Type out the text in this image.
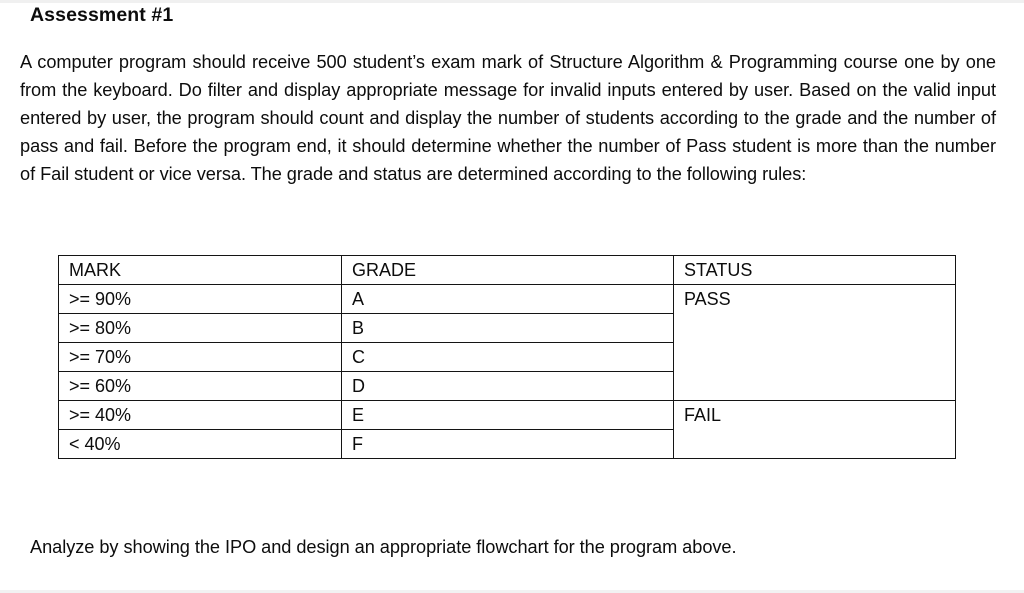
Assessment #1

A computer program should receive 500 student’s exam mark of Structure Algorithm & Programming course one by one from the keyboard. Do filter and display appropriate message for invalid inputs entered by user. Based on the valid input entered by user, the program should count and display the number of students according to the grade and the number of pass and fail. Before the program end, it should determine whether the number of Pass student is more than the number of Fail student or vice versa. The grade and status are determined according to the following rules:

MARK	GRADE	STATUS
>= 90%	A	PASS
>= 80%	B	
>= 70%	C	
>= 60%	D	
>= 40%	E	FAIL
< 40%	F	
Analyze by showing the IPO and design an appropriate flowchart for the program above.
